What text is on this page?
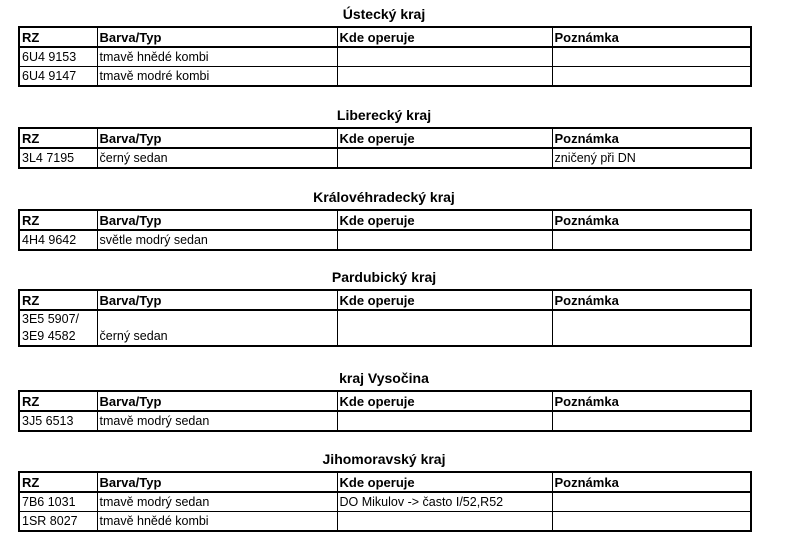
Ústecký kraj
RZ	Barva/Typ	Kde operuje	Poznámka
6U4 9153	tmavě hnědé kombi		
6U4 9147	tmavě modré kombi		
Liberecký kraj
RZ	Barva/Typ	Kde operuje	Poznámka
3L4 7195	černý sedan		zničený při DN
Královéhradecký kraj
RZ	Barva/Typ	Kde operuje	Poznámka
4H4 9642	světle modrý sedan		
Pardubický kraj
RZ	Barva/Typ	Kde operuje	Poznámka
3E5 5907/
3E9 4582	černý sedan		
kraj Vysočina
RZ	Barva/Typ	Kde operuje	Poznámka
3J5 6513	tmavě modrý sedan		
Jihomoravský kraj
RZ	Barva/Typ	Kde operuje	Poznámka
7B6 1031	tmavě modrý sedan	DO Mikulov -> často I/52,R52	
1SR 8027	tmavě hnědé kombi		
